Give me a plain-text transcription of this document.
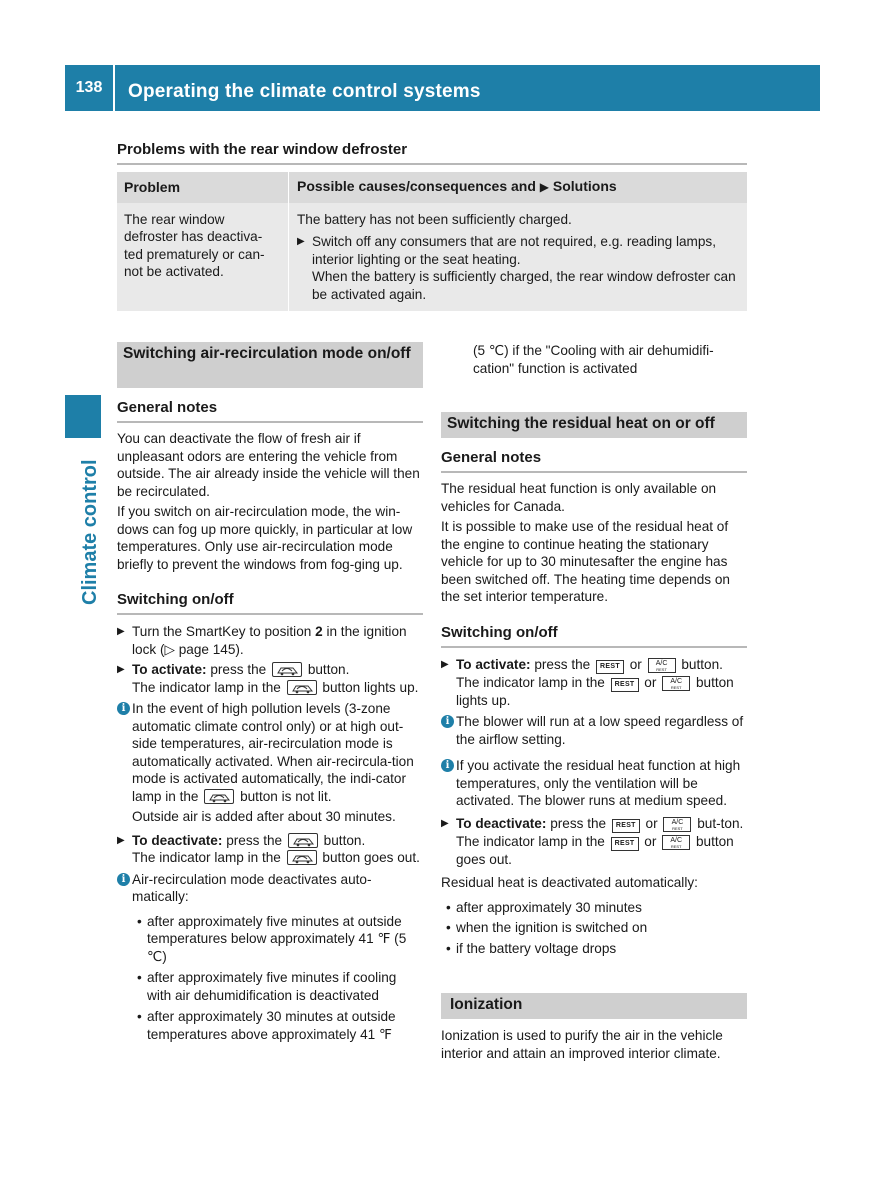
138	Operating the climate control systems
Climate control
Problems with the rear window defroster
Problem	Possible causes/consequences and ▶ Solutions
The rear window defroster has deactiva-ted prematurely or can-not be activated.	The battery has not been sufficiently charged.

▶ Switch off any consumers that are not required, e.g. reading lamps, interior lighting or the seat heating.
When the battery is sufficiently charged, the rear window defroster can be activated again.
Switching air-recirculation mode on/off
General notes

You can deactivate the flow of fresh air if unpleasant odors are entering the vehicle from outside. The air already inside the vehicle will then be recirculated.

If you switch on air-recirculation mode, the win-dows can fog up more quickly, in particular at low temperatures. Only use air-recirculation mode briefly to prevent the windows from fog-ging up.

Switching on/off
▶ Turn the SmartKey to position 2 in the ignition lock (▷ page 145).
▶ To activate: press the	button.
The indicator lamp in the	button lights up.
i In the event of high pollution levels (3-zone automatic climate control only) or at high out-side temperatures, air-recirculation mode is automatically activated. When air-recircula-tion mode is activated automatically, the indi-cator lamp in the	button is not lit.

Outside air is added after about 30 minutes.

▶ To deactivate: press the	button.
The indicator lamp in the	button goes out.
i Air-recirculation mode deactivates auto-matically:

• after approximately five minutes at outside temperatures below approximately 41 ℉ (5 ℃)

• after approximately five minutes if cooling with air dehumidification is deactivated

• after approximately 30 minutes at outside temperatures above approximately 41 ℉

(5 ℃) if the "Cooling with air dehumidifi-cation" function is activated

Switching the residual heat on or off
General notes

The residual heat function is only available on vehicles for Canada.

It is possible to make use of the residual heat of the engine to continue heating the stationary vehicle for up to 30 minutesafter the engine has been switched off. The heating time depends on the set interior temperature.

Switching on/off
▶ To activate: press the REST or A/C
REST	button.
The indicator lamp in the REST or A/C
REST	button lights up.
i The blower will run at a low speed regardless of the airflow setting.
i If you activate the residual heat function at high temperatures, only the ventilation will be activated. The blower runs at medium speed.
▶ To deactivate: press the REST or A/C
REST	but-ton.
The indicator lamp in the REST or A/C
REST	button goes out.

Residual heat is deactivated automatically:

• after approximately 30 minutes

• when the ignition is switched on

• if the battery voltage drops

Ionization

Ionization is used to purify the air in the vehicle interior and attain an improved interior climate.
